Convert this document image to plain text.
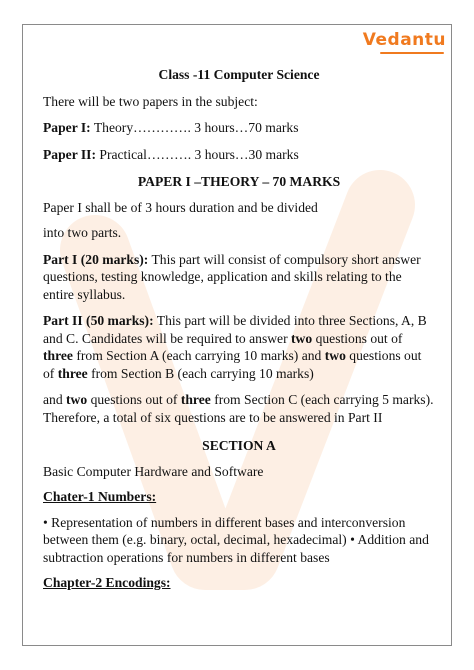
Vedantu

Class -11 Computer Science

There will be two papers in the subject:

Paper I: Theory…………. 3 hours…70 marks

Paper II: Practical………. 3 hours…30 marks

PAPER I –THEORY – 70 MARKS

Paper I shall be of 3 hours duration and be divided

into two parts.

Part I (20 marks): This part will consist of compulsory short answer questions, testing knowledge, application and skills relating to the entire syllabus.

Part II (50 marks): This part will be divided into three Sections, A, B and C. Candidates will be required to answer two questions out of three from Section A (each carrying 10 marks) and two questions out of three from Section B (each carrying 10 marks)

and two questions out of three from Section C (each carrying 5 marks). Therefore, a total of six questions are to be answered in Part II

SECTION A

Basic Computer Hardware and Software

Chater-1 Numbers:

• Representation of numbers in different bases and interconversion between them (e.g. binary, octal, decimal, hexadecimal) • Addition and subtraction operations for numbers in different bases

Chapter-2 Encodings:
